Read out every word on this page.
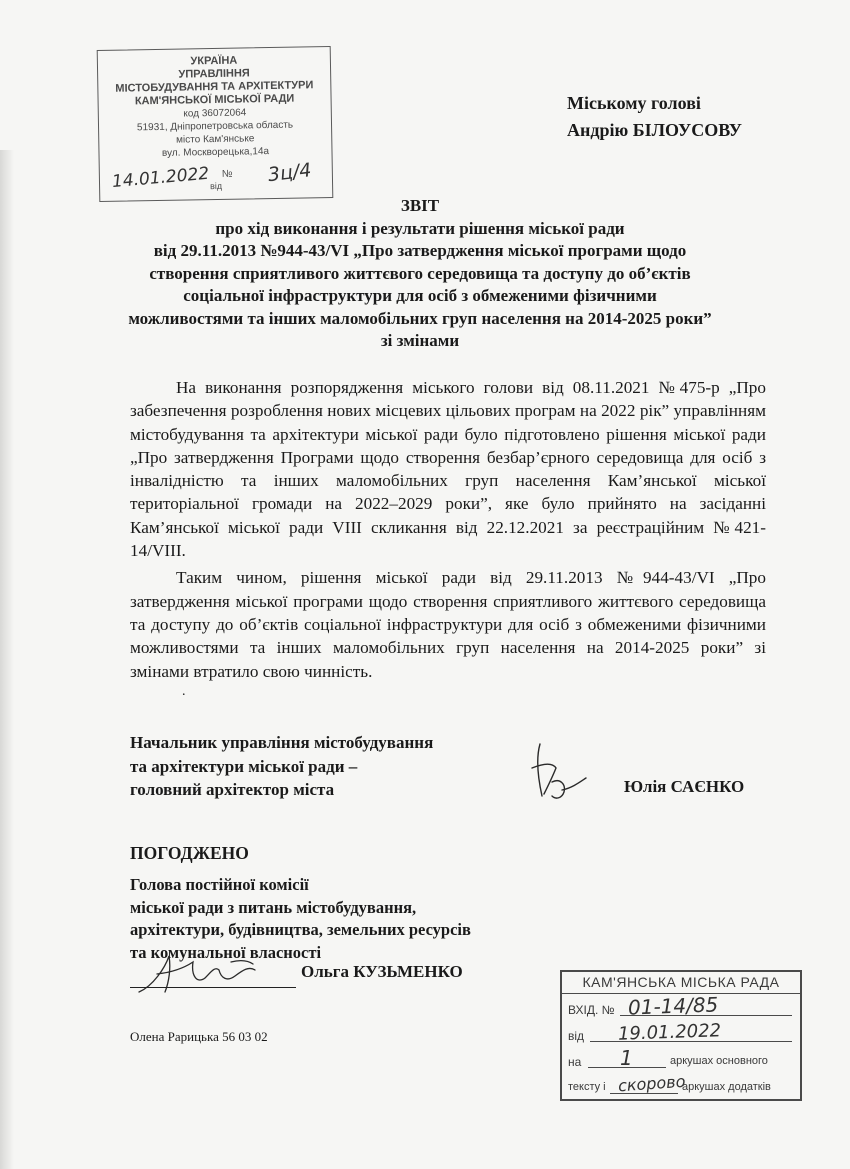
УКРАЇНА
УПРАВЛІННЯ
МІСТОБУДУВАННЯ ТА АРХІТЕКТУРИ
КАМ'ЯНСЬКОЇ МІСЬКОЇ РАДИ
код 36072064
51931, Дніпропетровська область
місто Кам'янське
вул. Москворецька,14а
14.01.2022 № 3ц/4
від
Міському голові
Андрію БІЛОУСОВУ
ЗВІТ
про хід виконання і результати рішення міської ради
від 29.11.2013 №944-43/VI „Про затвердження міської програми щодо
створення сприятливого життєвого середовища та доступу до об’єктів
соціальної інфраструктури для осіб з обмеженими фізичними
можливостями та інших маломобільних груп населення на 2014-2025 роки”
зі змінами

На виконання розпорядження міського голови від 08.11.2021 №475-р „Про забезпечення розроблення нових місцевих цільових програм на 2022 рік” управлінням містобудування та архітектури міської ради було підготовлено рішення міської ради „Про затвердження Програми щодо створення безбар’єрного середовища для осіб з інвалідністю та інших маломобільних груп населення Кам’янської міської територіальної громади на 2022–2029 роки”, яке було прийнято на засіданні Кам’янської міської ради VIII скликання від 22.12.2021 за реєстраційним №421-14/VIII.

Таким чином, рішення міської ради від 29.11.2013 №944-43/VI „Про затвердження міської програми щодо створення сприятливого життєвого середовища та доступу до об’єктів соціальної інфраструктури для осіб з обмеженими фізичними можливостями та інших маломобільних груп населення на 2014-2025 роки” зі змінами втратило свою чинність.

.
Начальник управління містобудування
та архітектури міської ради –
головний архітектор міста	Юлія САЄНКО
ПОГОДЖЕНО
Голова постійної комісії
міської ради з питань містобудування,
архітектури, будівництва, земельних ресурсів
та комунальної власності
Ольга КУЗЬМЕНКО
Олена Рарицька 56 03 02
КАМ'ЯНСЬКА МІСЬКА РАДА
ВХІД. № 01-14/85
від 19.01.2022
на 1	аркушах основного
тексту і скорово
аркушах додатків
